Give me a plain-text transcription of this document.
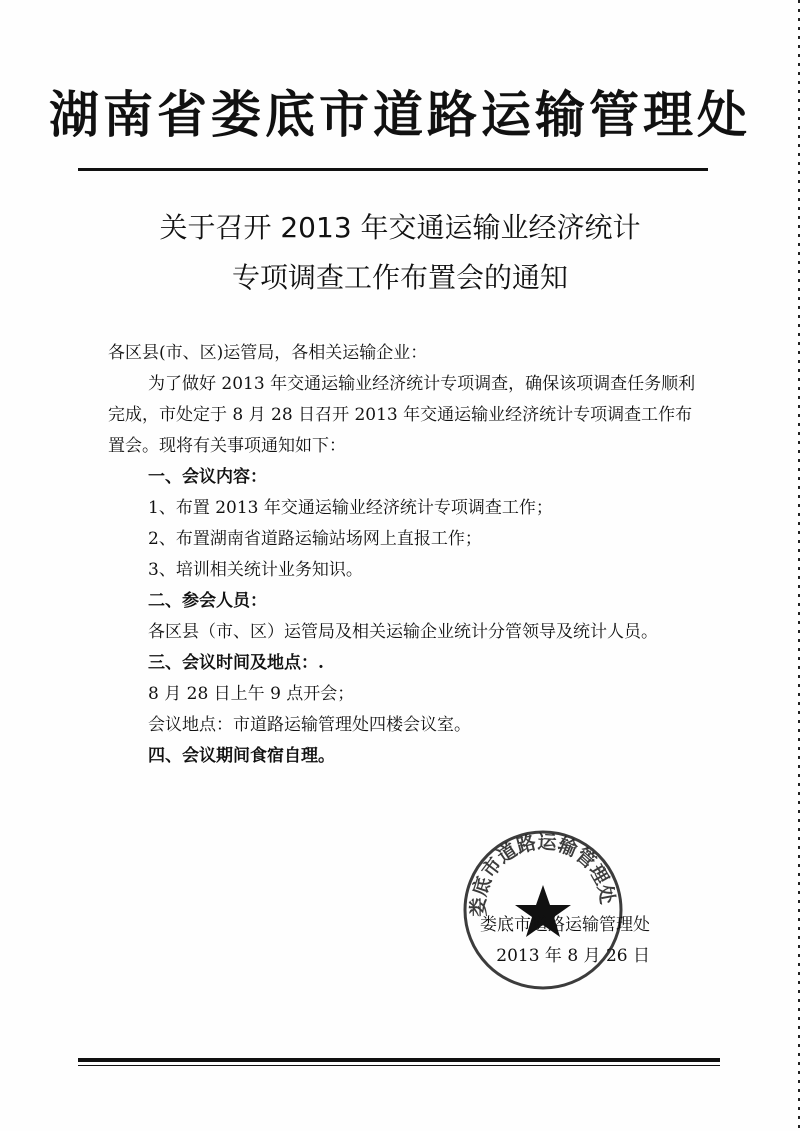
湖南省娄底市道路运输管理处
关于召开 2013 年交通运输业经济统计
专项调查工作布置会的通知

各区县(市、区)运管局，各相关运输企业：

为了做好 2013 年交通运输业经济统计专项调查，确保该项调查任务顺利完成，市处定于 8 月 28 日召开 2013 年交通运输业经济统计专项调查工作布置会。现将有关事项通知如下：

一、会议内容：

1、布置 2013 年交通运输业经济统计专项调查工作；

2、布置湖南省道路运输站场网上直报工作；

3、培训相关统计业务知识。

二、参会人员：

各区县（市、区）运管局及相关运输企业统计分管领导及统计人员。

三、会议时间及地点：.

8 月 28 日上午 9 点开会；

会议地点：市道路运输管理处四楼会议室。

四、会议期间食宿自理。

娄底市道路运输管理处
娄底市道路运输管理处
2013 年 8 月 26 日
